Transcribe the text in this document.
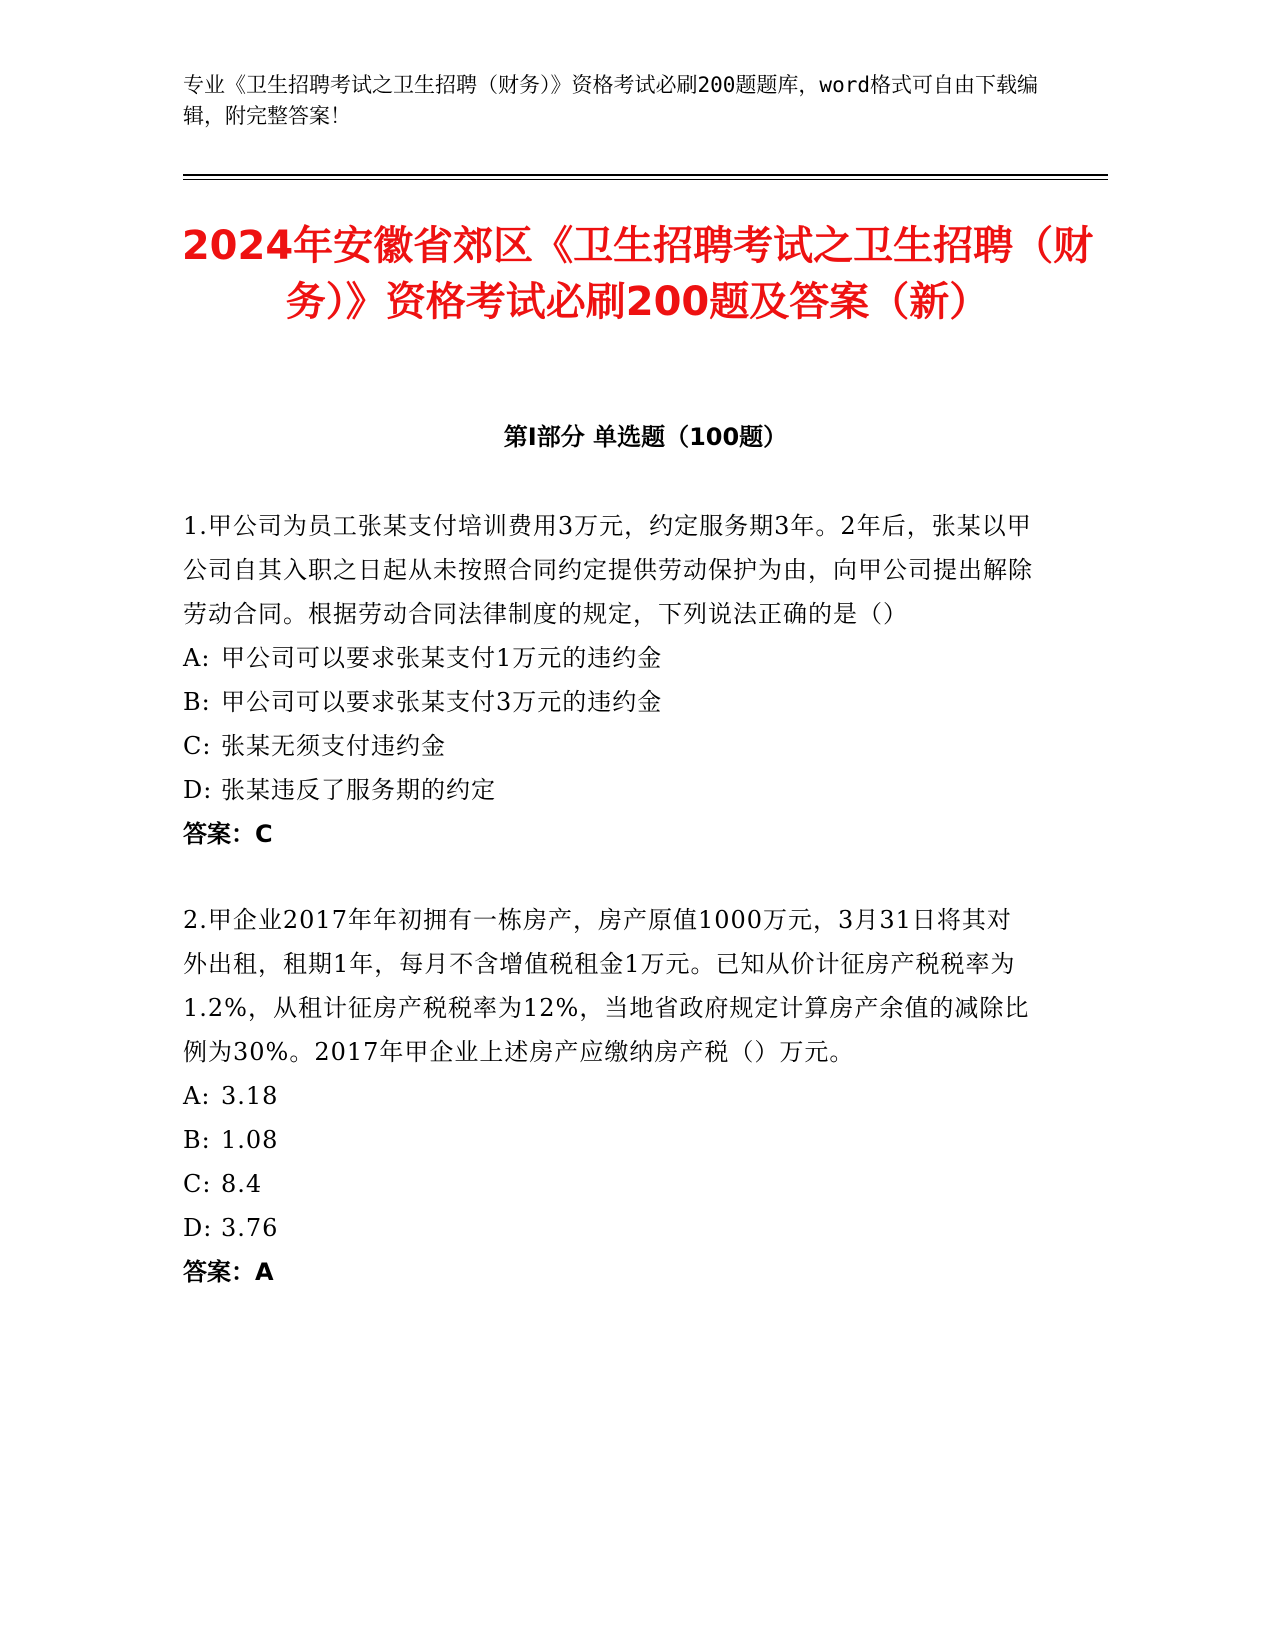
专业《卫生招聘考试之卫生招聘（财务）》资格考试必刷200题题库，word格式可自由下载编辑，附完整答案！
2024年安徽省郊区《卫生招聘考试之卫生招聘（财务）》资格考试必刷200题及答案（新）
第I部分 单选题（100题）
1.甲公司为员工张某支付培训费用3万元，约定服务期3年。2年后，张某以甲公司自其入职之日起从未按照合同约定提供劳动保护为由，向甲公司提出解除劳动合同。根据劳动合同法律制度的规定，下列说法正确的是（）
A: 甲公司可以要求张某支付1万元的违约金
B: 甲公司可以要求张某支付3万元的违约金
C: 张某无须支付违约金
D: 张某违反了服务期的约定
答案：C
2.甲企业2017年年初拥有一栋房产，房产原值1000万元，3月31日将其对外出租，租期1年，每月不含增值税租金1万元。已知从价计征房产税税率为1.2%，从租计征房产税税率为12%，当地省政府规定计算房产余值的减除比例为30%。2017年甲企业上述房产应缴纳房产税（）万元。
A: 3.18
B: 1.08
C: 8.4
D: 3.76
答案：A
